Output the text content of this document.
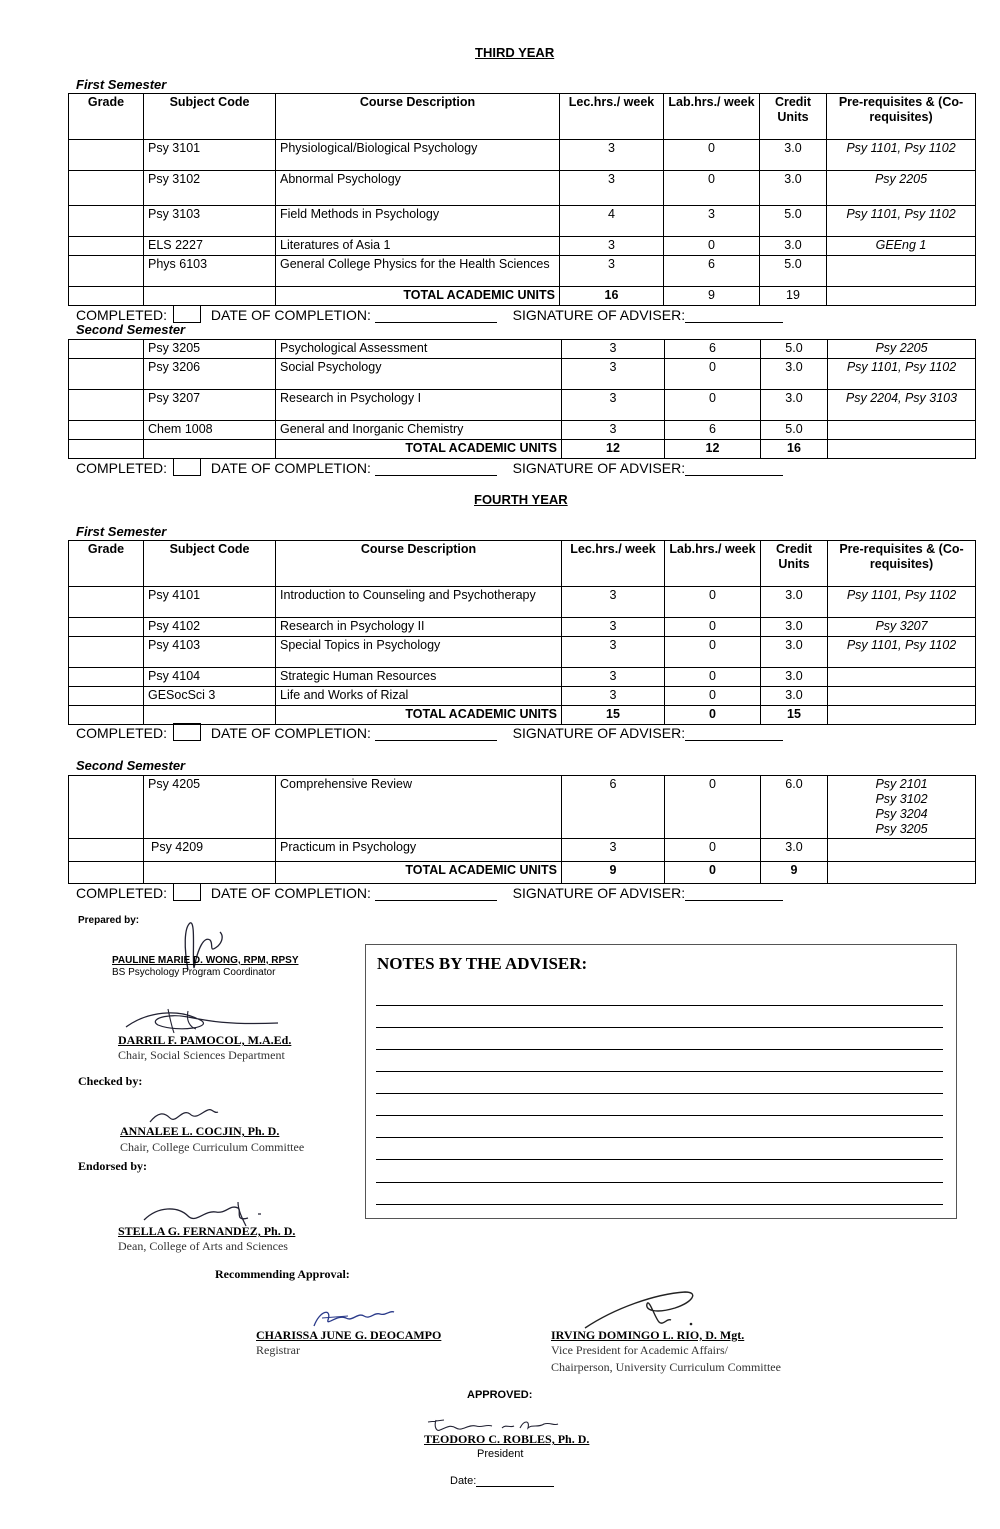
THIRD YEAR
First Semester
Grade	Subject Code	Course Description	Lec.hrs./ week	Lab.hrs./ week	Credit Units	Pre-requisites & (Co-requisites)
	Psy 3101	Physiological/Biological Psychology	3	0	3.0	Psy 1101, Psy 1102
	Psy 3102	Abnormal Psychology	3	0	3.0	Psy 2205
	Psy 3103	Field Methods in Psychology	4	3	5.0	Psy 1101, Psy 1102
	ELS 2227	Literatures of Asia 1	3	0	3.0	GEEng 1
	Phys 6103	General College Physics for the Health Sciences	3	6	5.0	
		TOTAL ACADEMIC UNITS	16	9	19	
COMPLETED:	DATE OF COMPLETION:	SIGNATURE OF ADVISER:
Second Semester
	Psy 3205	Psychological Assessment	3	6	5.0	Psy 2205
	Psy 3206	Social Psychology	3	0	3.0	Psy 1101, Psy 1102
	Psy 3207	Research in Psychology I	3	0	3.0	Psy 2204, Psy 3103
	Chem 1008	General and Inorganic Chemistry	3	6	5.0	
		TOTAL ACADEMIC UNITS	12	12	16	
COMPLETED:	DATE OF COMPLETION:	SIGNATURE OF ADVISER:
FOURTH YEAR
First Semester
Grade	Subject Code	Course Description	Lec.hrs./ week	Lab.hrs./ week	Credit Units	Pre-requisites & (Co-requisites)
	Psy 4101	Introduction to Counseling and Psychotherapy	3	0	3.0	Psy 1101, Psy 1102
	Psy 4102	Research in Psychology II	3	0	3.0	Psy 3207
	Psy 4103	Special Topics in Psychology	3	0	3.0	Psy 1101, Psy 1102
	Psy 4104	Strategic Human Resources	3	0	3.0	
	GESocSci 3	Life and Works of Rizal	3	0	3.0	
		TOTAL ACADEMIC UNITS	15	0	15	
COMPLETED:	DATE OF COMPLETION:	SIGNATURE OF ADVISER:
Second Semester
	Psy 4205	Comprehensive Review	6	0	6.0	Psy 2101 Psy 3102 Psy 3204 Psy 3205
	Psy 4209	Practicum in Psychology	3	0	3.0	
		TOTAL ACADEMIC UNITS	9	0	9	
COMPLETED:	DATE OF COMPLETION:	SIGNATURE OF ADVISER:
Prepared by:
PAULINE MARIE D. WONG, RPM, RPSY
BS Psychology Program Coordinator
DARRIL F. PAMOCOL, M.A.Ed.
Chair, Social Sciences Department
Checked by:
ANNALEE L. COCJIN, Ph. D.
Chair, College Curriculum Committee
Endorsed by:
STELLA G. FERNANDEZ, Ph. D.
Dean, College of Arts and Sciences
Recommending Approval:
CHARISSA JUNE G. DEOCAMPO
Registrar
IRVING DOMINGO L. RIO, D. Mgt.
Vice President for Academic Affairs/
Chairperson, University Curriculum Committee
APPROVED:
TEODORO C. ROBLES, Ph. D.
President
Date:
NOTES BY THE ADVISER:
